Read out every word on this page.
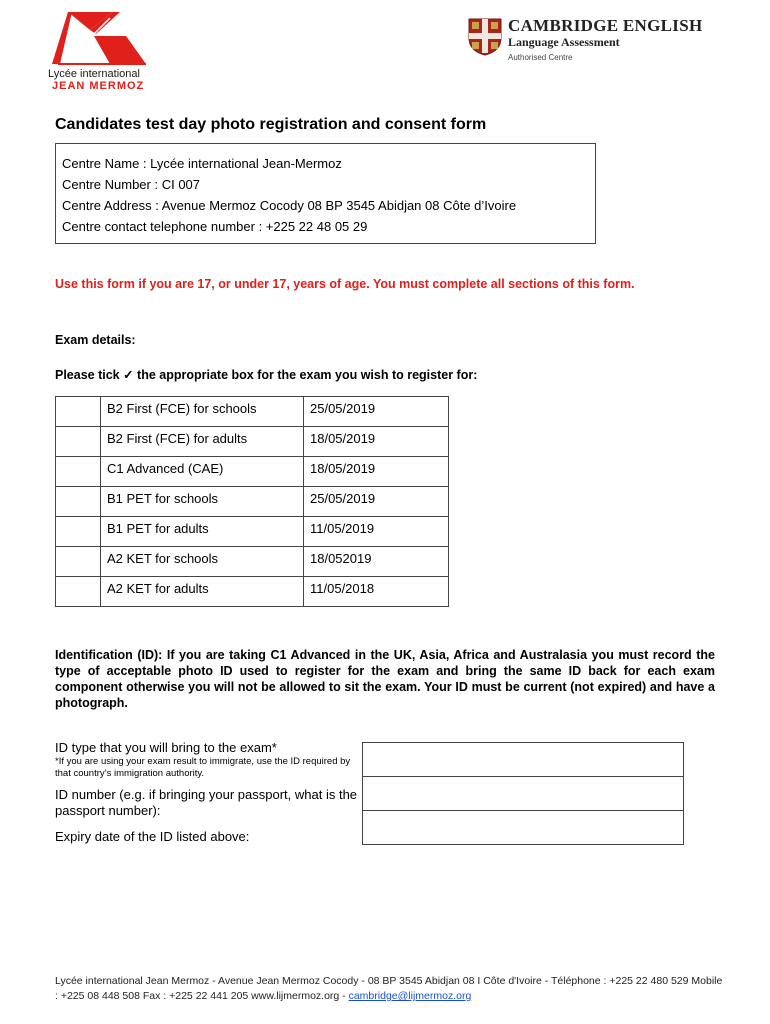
Lycée international
JEAN MERMOZ
CAMBRIDGE ENGLISH
Language Assessment
Authorised Centre
Candidates test day photo registration and consent form
Centre Name : Lycée international Jean-Mermoz
Centre Number : CI 007
Centre Address : Avenue Mermoz Cocody 08 BP 3545 Abidjan 08 Côte d’Ivoire
Centre contact telephone number : +225 22 48 05 29
Use this form if you are 17, or under 17, years of age. You must complete all sections of this form.
Exam details:
Please tick ✓ the appropriate box for the exam you wish to register for:
	B2 First (FCE) for schools	25/05/2019
	B2 First (FCE) for adults	18/05/2019
	C1 Advanced (CAE)	18/05/2019
	B1 PET for schools	25/05/2019
	B1 PET for adults	11/05/2019
	A2 KET for schools	18/052019
	A2 KET for adults	11/05/2018
Identification (ID): If you are taking C1 Advanced in the UK, Asia, Africa and Australasia you must record the type of acceptable photo ID used to register for the exam and bring the same ID back for each exam component otherwise you will not be allowed to sit the exam. Your ID must be current (not expired) and have a photograph.
ID type that you will bring to the exam*
*If you are using your exam result to immigrate, use the ID required by that country’s immigration authority.
ID number (e.g. if bringing your passport, what is the passport number):
Expiry date of the ID listed above:
Lycée international Jean Mermoz - Avenue Jean Mermoz Cocody - 08 BP 3545 Abidjan 08 I Côte d'Ivoire - Téléphone : +225 22 480 529 Mobile : +225 08 448 508 Fax : +225 22 441 205 www.lijmermoz.org - cambridge@lijmermoz.org
